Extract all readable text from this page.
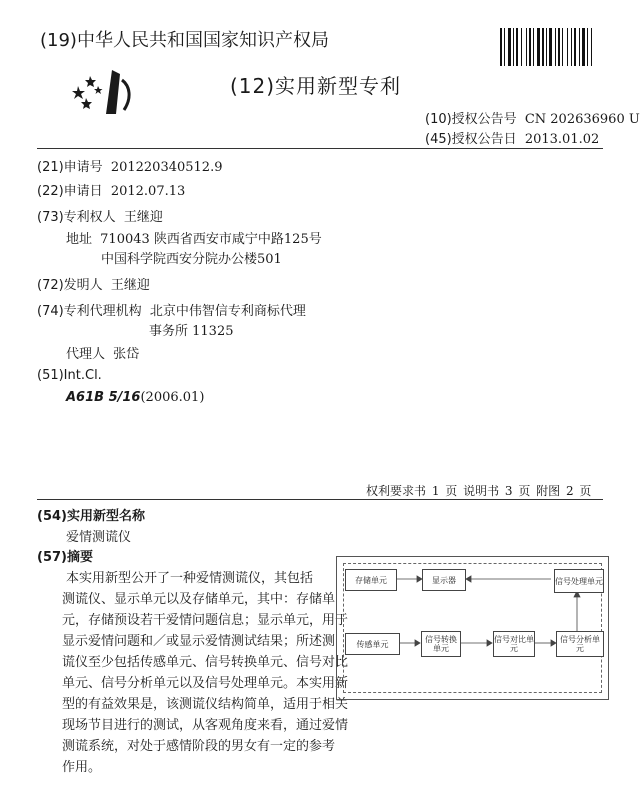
(19)中华人民共和国国家知识产权局
(12)实用新型专利
(10)授权公告号 CN 202636960 U
(45)授权公告日 2013.01.02
(21)申请号 201220340512.9
(22)申请日 2012.07.13
(73)专利权人 王继迎
地址 710043 陕西省西安市咸宁中路125号
中国科学院西安分院办公楼501
(72)发明人 王继迎
(74)专利代理机构 北京中伟智信专利商标代理
事务所 11325
代理人 张岱
(51)Int.Cl.
A61B 5/16(2006.01)
权利要求书 1 页 说明书 3 页 附图 2 页
(54)实用新型名称
爱情测谎仪
(57)摘要
本实用新型公开了一种爱情测谎仪，其包括
测谎仪、显示单元以及存储单元，其中：存储单
元，存储预设若干爱情问题信息；显示单元，用于
显示爱情问题和／或显示爱情测试结果；所述测
谎仪至少包括传感单元、信号转换单元、信号对比
单元、信号分析单元以及信号处理单元。本实用新
型的有益效果是，该测谎仪结构简单，适用于相关
现场节目进行的测试，从客观角度来看，通过爱情
测谎系统，对处于感情阶段的男女有一定的参考
作用。
存储单元	显示器	信号处理单元
传感单元	信号转换单元
信号对比单元
信号分析单元
